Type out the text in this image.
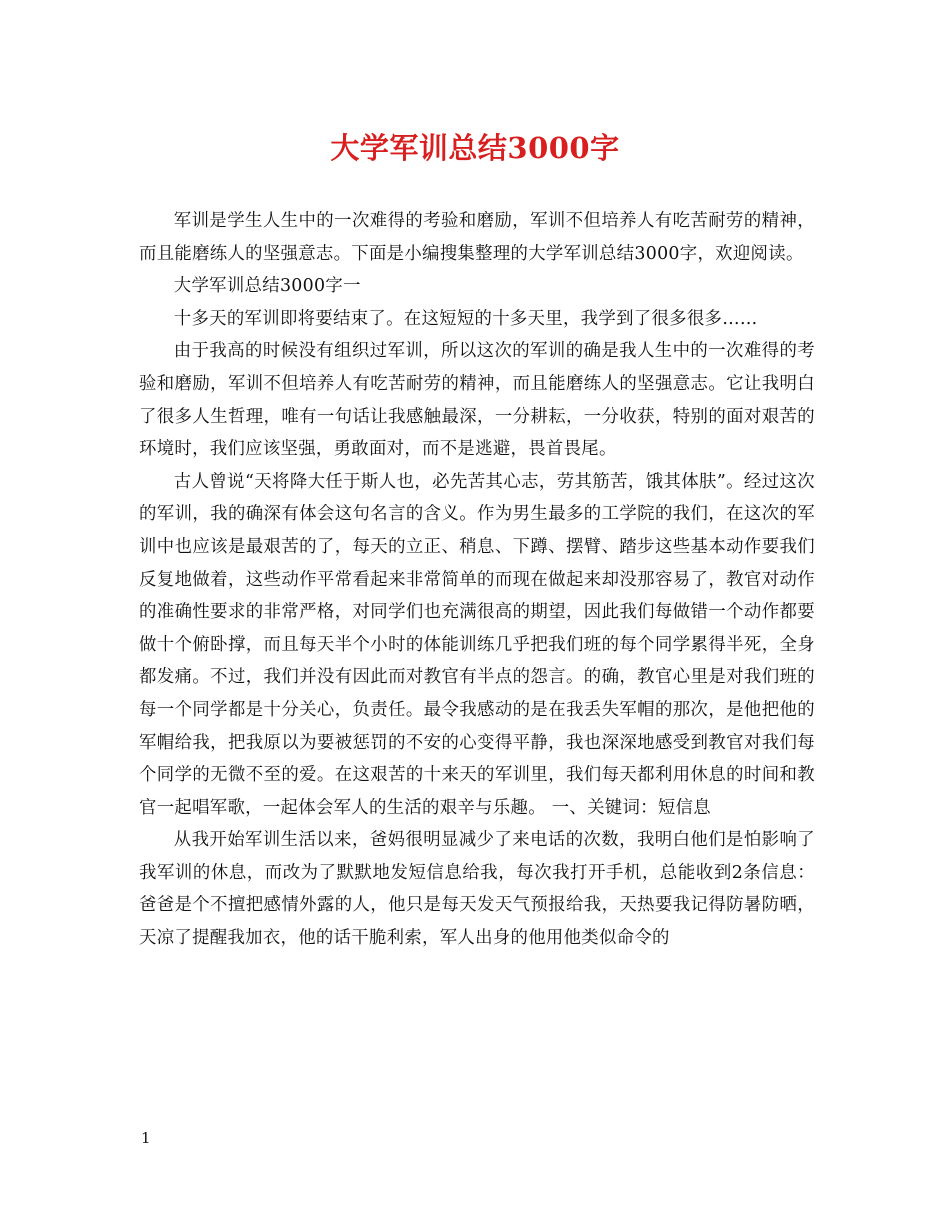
大学军训总结3000字

军训是学生人生中的一次难得的考验和磨励，军训不但培养人有吃苦耐劳的精神，而且能磨练人的坚强意志。下面是小编搜集整理的大学军训总结3000字，欢迎阅读。

大学军训总结3000字一

十多天的军训即将要结束了。在这短短的十多天里，我学到了很多很多……

由于我高的时候没有组织过军训，所以这次的军训的确是我人生中的一次难得的考验和磨励，军训不但培养人有吃苦耐劳的精神，而且能磨练人的坚强意志。它让我明白了很多人生哲理，唯有一句话让我感触最深，一分耕耘，一分收获，特别的面对艰苦的环境时，我们应该坚强，勇敢面对，而不是逃避，畏首畏尾。

古人曾说“天将降大任于斯人也，必先苦其心志，劳其筋苦，饿其体肤”。经过这次的军训，我的确深有体会这句名言的含义。作为男生最多的工学院的我们，在这次的军训中也应该是最艰苦的了，每天的立正、稍息、下蹲、摆臂、踏步这些基本动作要我们反复地做着，这些动作平常看起来非常简单的而现在做起来却没那容易了，教官对动作的准确性要求的非常严格，对同学们也充满很高的期望，因此我们每做错一个动作都要做十个俯卧撑，而且每天半个小时的体能训练几乎把我们班的每个同学累得半死，全身都发痛。不过，我们并没有因此而对教官有半点的怨言。的确，教官心里是对我们班的每一个同学都是十分关心，负责任。最令我感动的是在我丢失军帽的那次，是他把他的军帽给我，把我原以为要被惩罚的不安的心变得平静，我也深深地感受到教官对我们每个同学的无微不至的爱。在这艰苦的十来天的军训里，我们每天都利用休息的时间和教官一起唱军歌，一起体会军人的生活的艰辛与乐趣。 一、关键词：短信息

从我开始军训生活以来，爸妈很明显减少了来电话的次数，我明白他们是怕影响了我军训的休息，而改为了默默地发短信息给我，每次我打开手机，总能收到2条信息：爸爸是个不擅把感情外露的人，他只是每天发天气预报给我，天热要我记得防暑防晒，天凉了提醒我加衣，他的话干脆利索，军人出身的他用他类似命令的

1
